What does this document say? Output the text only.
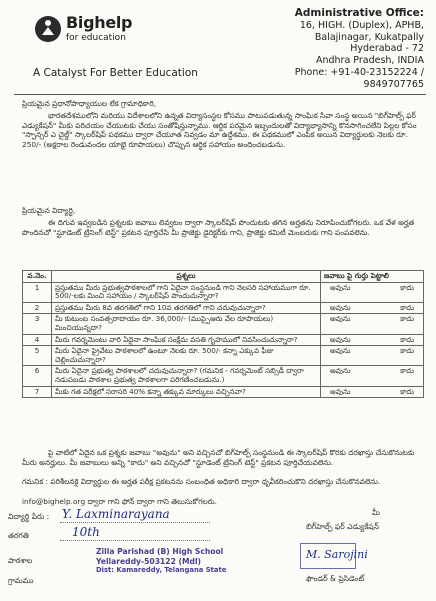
Bighelp
for education
A Catalyst For Better Education
Administrative Office:
16, HIGH. (Duplex), APHB,
Balajinagar, Kukatpally
Hyderabad - 72
Andhra Pradesh, INDIA
Phone: +91-40-23152224 / 9849707765
ప్రియమైన ప్రధానోపాధ్యాయుల లేక గ్రామాధికారి,
భారతదేశములోని మరియు విదేశాలలోని ఉన్నత విద్యాసంస్థల కోసము పాటుపడుతున్న సాంఘిక సేవా సంస్థ అయిన "బిగ్‌హెల్ప్ ఫర్ ఎడ్యుకేషన్" మీకు పరిచయం చేయుటకు చేయు సంతోషిస్తున్నాము. ఆర్థిక పరమైన ఇబ్బందులతో విద్యాభ్యాసాన్ని కొనసాగించలేని పిల్లల కోసం "స్పాన్సర్ ఎ చైల్డ్" స్కాలర్‌షిప్ పథకము ద్వారా చేయూత నివ్వడం మా ఉద్దేశము. ఈ పథకములో ఎంపిక అయిన విద్యార్థులకు నెలకు రూ. 250/- (అక్షరాల రెండువందల యాభై రూపాయలు) చొప్పున ఆర్థిక సహాయం అందించబడును.
ప్రియమైన విద్యార్థి,
ఈ దిగువ ఇవ్వబడిన ప్రశ్నలకు జవాబు లివ్వటం ద్వారా స్కాలర్‌షిప్ పొందుటకు తగిన అర్హతను నిరూపించుకోగలరు. ఒక వేళ అర్హత పొందినచో "స్టూడెంట్ ట్రేనింగ్ టెస్ట్" ప్రకటన పూర్తిచేసి మీ ప్రాజెక్టు డైరెక్టర్‌కు గాని, ప్రాజెక్టు కమిటీ మెంబరుకు గాని పంపవలెను.
వ.నెం.	ప్రశ్నలు	జవాబు పై గుర్తు పెట్టాలి
1	ప్రస్తుతము మీరు ప్రభుత్వపాఠశాలలో గాని ఏదైనా సంస్థనుండి గాని నెలసరి సహాయముగా రూ. 500/-లకు మించి సహాయం / స్కాలర్‌షిప్ పొందుచున్నారా?	అవును కాదు

2	ప్రస్తుతము మీరు 8వ తరగతిలో గాని 10వ తరగతిలో గాని చదువుచున్నారా?	అవును కాదు

3	మీ కుటుంబ సంవత్సరాదాయం రూ. 36,000/- (ముప్పైఆరు వేల రూపాయలు) మించియున్నదా?	అవును కాదు

4	మీరు గవర్నమెంటు వారి ఏదైనా సాంఘిక సంక్షేమ వసతి గృహములో నివసించుచున్నారా?	అవును కాదు

5	మీరు ఏదైనా ప్రైవేటు పాఠశాలలో ఉంటూ నెలకు రూ. 500/- కన్నా ఎక్కువ ఫీజు చెల్లించుచున్నారా?	అవును కాదు

6	మీరు ఏదైనా ప్రభుత్వ పాఠశాలలో చదువుచున్నారా? (గమనిక - గవర్నమెంట్ సబ్సిడీ ద్వారా నడుపబడు పాఠశాల ప్రభుత్వ పాఠశాలగా పరిగణించబడును.)	అవును కాదు

7	మీకు గత పరీక్షలో సరాసరి 40% కన్నా తక్కువ మార్కులు వచ్చినవా?	అవును కాదు
పై వాటిలో ఏదైన ఒక ప్రశ్నకు జవాబు "అవును" అని వచ్చినచో బిగ్‌హెల్ప్ సంస్థనుండి ఈ స్కాలర్‌షిప్ కొరకు దరఖాస్తు చేసుకొనుటకు మీరు అనర్హులు. మీ జవాబులు అన్ని "కాదు" అని వచ్చినచో "స్టూడెంట్ ట్రేనింగ్ టెస్ట్" ప్రకటన పూర్తిచేయవలెను.
గమనిక : పరిశీలనకై విద్యార్థుల ఈ అర్హత పరీక్ష ప్రకటనను సంబంధిత అధికారి ద్వారా ధృవీకరించుకొని దరఖాస్తు చేసుకొనవలెను.
info@bighelp.org ద్వారా గాని ఫోన్ ద్వారా గాని తెలుసుకోగలరు.
విద్యార్థి పేరు : Y. Laxminarayana
తరగతి	10th
పాఠశాల
గ్రామము
Zilla Parishad (B) High School
Yellareddy-503122 (Mdl)
Dist: Kamareddy, Telangana State
మీ
బిగ్‌హెల్ప్ ఫర్ ఎడ్యుకేషన్
M. Sarojini
ఫౌండర్ & ప్రెసిడెంట్
